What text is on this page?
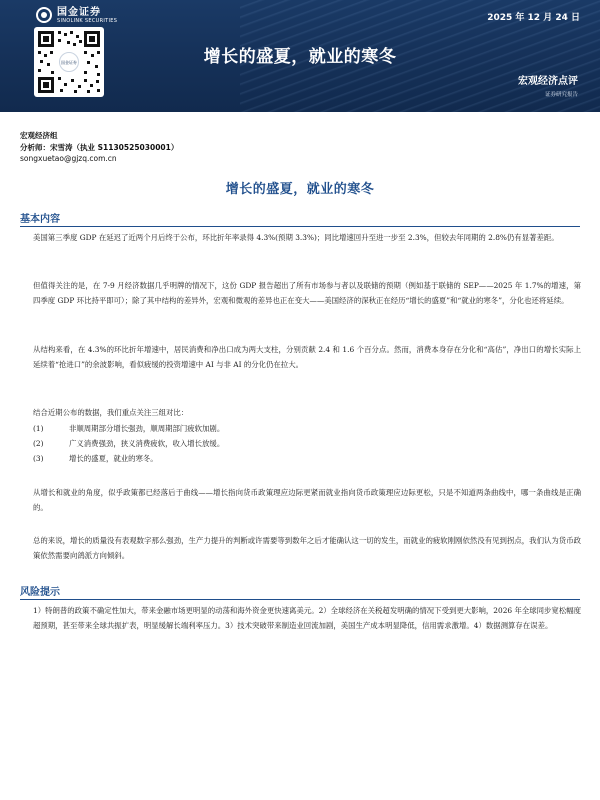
国金证券
SINOLINK SECURITIES	2025 年 12 月 24 日
国金证券	增长的盛夏，就业的寒冬
宏观经济点评
证券研究报告
宏观经济组
分析师：宋雪涛（执业 S1130525030001）
songxuetao@gjzq.com.cn
增长的盛夏，就业的寒冬
基本内容
美国第三季度 GDP 在延迟了近两个月后终于公布，环比折年率录得 4.3%(预期 3.3%)；同比增速回升至进一步至 2.3%，但较去年同期的 2.8%仍有显著差距。
但值得关注的是，在 7-9 月经济数据几乎明牌的情况下，这份 GDP 报告超出了所有市场参与者以及联储的预期（例如基于联储的 SEP——2025 年 1.7%的增速，第四季度 GDP 环比持平即可）；除了其中结构的差异外，宏观和微观的差异也正在变大——美国经济的深秋正在经历“增长的盛夏”和“就业的寒冬”，分化也还将延续。
从结构来看，在 4.3%的环比折年增速中，居民消费和净出口成为两大支柱，分别贡献 2.4 和 1.6 个百分点。然而，消费本身存在分化和“高估”，净出口的增长实际上延续着“抢进口”的余波影响，看似疲缓的投资增速中 AI 与非 AI 的分化仍在拉大。
结合近期公布的数据，我们重点关注三组对比：
(1)	非顺周期部分增长强劲，顺周期部门疲软加剧。
(2)	广义消费强劲，狭义消费疲软，收入增长放缓。
(3)	增长的盛夏，就业的寒冬。
从增长和就业的角度，似乎政策都已经落后于曲线——增长指向货币政策理应边际更紧而就业指向货币政策理应边际更松，只是不知道两条曲线中，哪一条曲线是正确的。
总的来说，增长的质量没有表观数字那么强劲，生产力提升的判断或许需要等到数年之后才能确认这一切的发生，而就业的疲软刚刚依然没有见到拐点，我们认为货币政策依然需要向鸽派方向倾斜。
风险提示
1）特朗普的政策不确定性加大，带来金融市场更明显的动荡和海外资金更快速离美元。2）全球经济在关税超发明确的情况下受到更大影响，2026 年全球同步宽松幅度超预期，甚至带来全球共振扩表，明显缓解长端利率压力。3）技术突破带来制造业回流加剧，美国生产成本明显降低，信用需求激增。4）数据测算存在误差。
